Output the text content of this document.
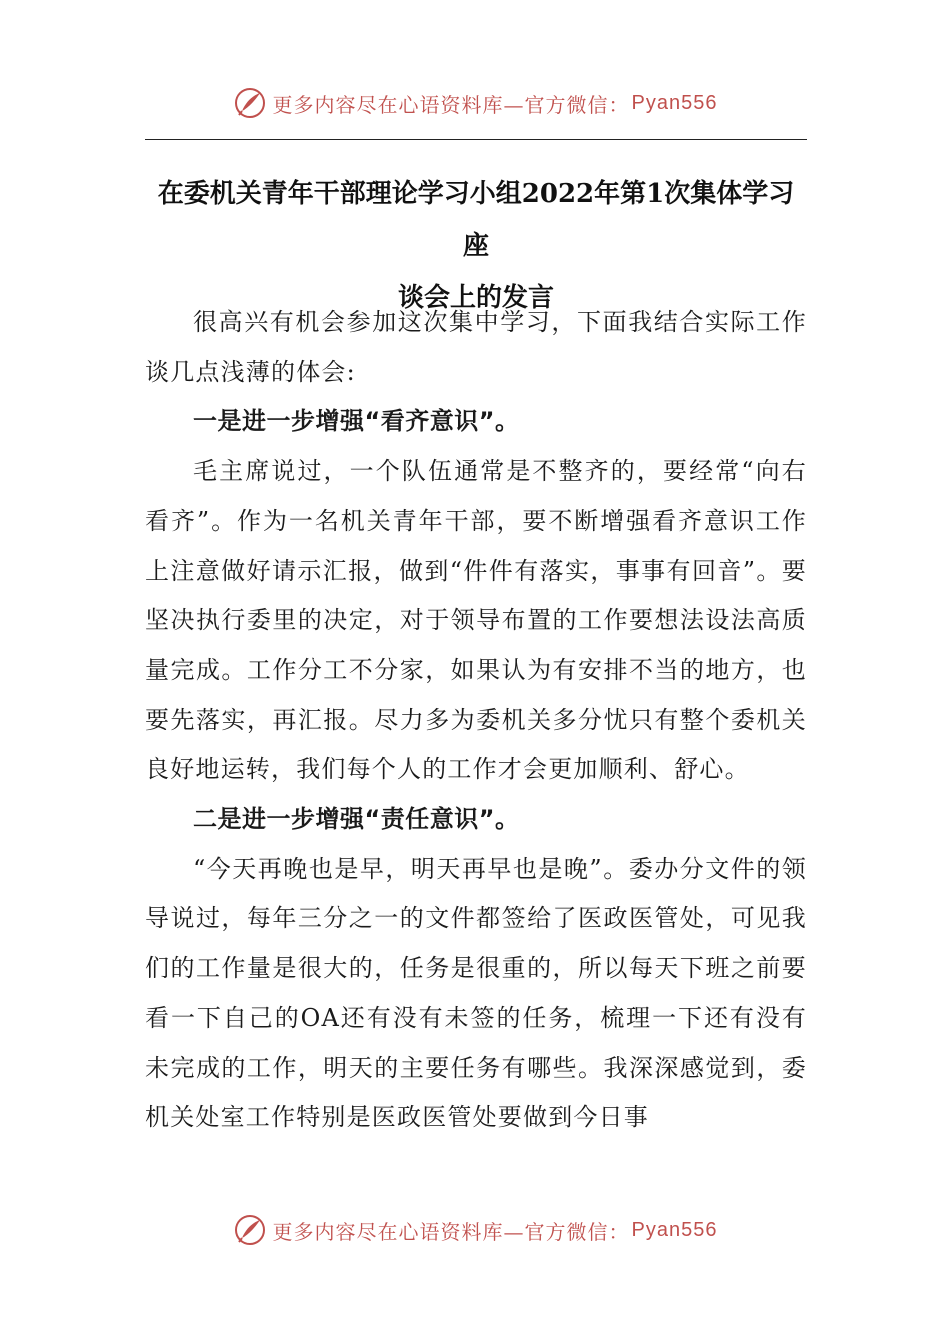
更多内容尽在心语资料库—官方微信： Pyan556
在委机关青年干部理论学习小组2022年第1次集体学习座
谈会上的发言

很高兴有机会参加这次集中学习，下面我结合实际工作谈几点浅薄的体会:

一是进一步增强“看齐意识”。

毛主席说过，一个队伍通常是不整齐的，要经常“向右看齐”。作为一名机关青年干部，要不断增强看齐意识工作上注意做好请示汇报，做到“件件有落实，事事有回音”。要坚决执行委里的决定，对于领导布置的工作要想法设法高质量完成。工作分工不分家，如果认为有安排不当的地方，也要先落实，再汇报。尽力多为委机关多分忧只有整个委机关良好地运转，我们每个人的工作才会更加顺利、舒心。

二是进一步增强“责任意识”。

“今天再晚也是早，明天再早也是晚”。委办分文件的领导说过，每年三分之一的文件都签给了医政医管处，可见我们的工作量是很大的，任务是很重的，所以每天下班之前要看一下自己的OA还有没有未签的任务，梳理一下还有没有未完成的工作，明天的主要任务有哪些。我深深感觉到，委机关处室工作特别是医政医管处要做到今日事

更多内容尽在心语资料库—官方微信： Pyan556
